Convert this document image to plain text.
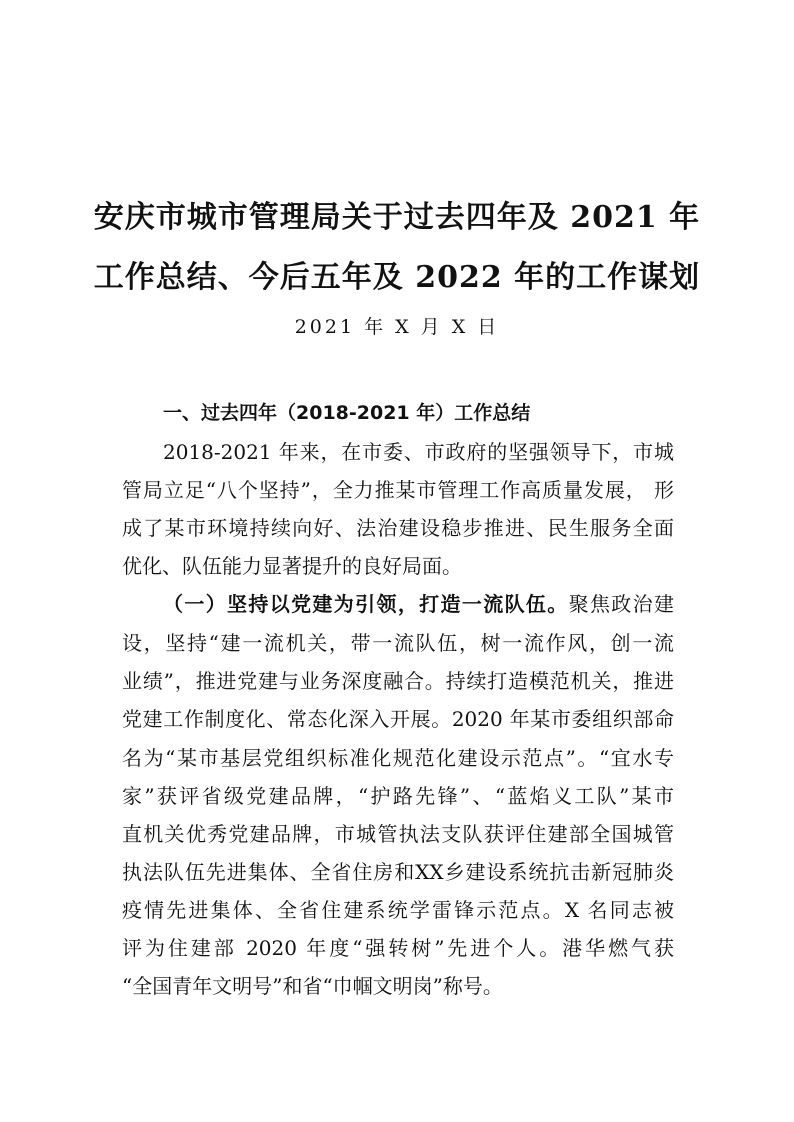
安庆市城市管理局关于过去四年及 2021 年
工作总结、今后五年及 2022 年的工作谋划
2021 年 X 月 X 日
一、过去四年（2018-2021 年）工作总结
2018-2021 年来，在市委、市政府的坚强领导下，市城
管局立足“八个坚持”，全力推某市管理工作高质量发展， 形
成了某市环境持续向好、法治建设稳步推进、民生服务全面
优化、队伍能力显著提升的良好局面。
（一）坚持以党建为引领，打造一流队伍。聚焦政治建
设，坚持“建一流机关，带一流队伍，树一流作风，创一流
业绩”，推进党建与业务深度融合。持续打造模范机关，推进
党建工作制度化、常态化深入开展。2020 年某市委组织部命
名为“某市基层党组织标准化规范化建设示范点”。“宜水专
家”获评省级党建品牌，“护路先锋”、“蓝焰义工队”某市
直机关优秀党建品牌，市城管执法支队获评住建部全国城管
执法队伍先进集体、全省住房和XX乡建设系统抗击新冠肺炎
疫情先进集体、全省住建系统学雷锋示范点。X 名同志被
评为住建部 2020 年度“强转树”先进个人。港华燃气获
“全国青年文明号”和省“巾帼文明岗”称号。
